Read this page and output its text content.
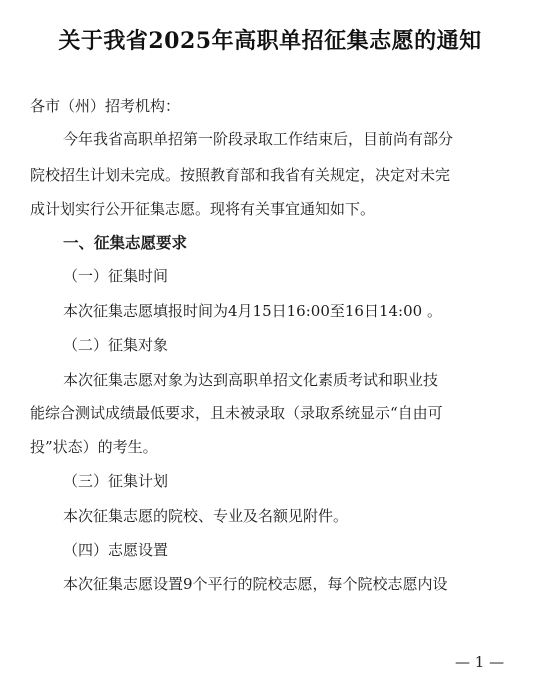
关于我省2025年高职单招征集志愿的通知
各市（州）招考机构：
今年我省高职单招第一阶段录取工作结束后，目前尚有部分
院校招生计划未完成。按照教育部和我省有关规定，决定对未完
成计划实行公开征集志愿。现将有关事宜通知如下。
一、征集志愿要求
（一）征集时间
本次征集志愿填报时间为4月15日16:00至16日14:00 。
（二）征集对象
本次征集志愿对象为达到高职单招文化素质考试和职业技
能综合测试成绩最低要求，且未被录取（录取系统显示“自由可
投”状态）的考生。
（三）征集计划
本次征集志愿的院校、专业及名额见附件。
（四）志愿设置
本次征集志愿设置9个平行的院校志愿，每个院校志愿内设
— 1 —
